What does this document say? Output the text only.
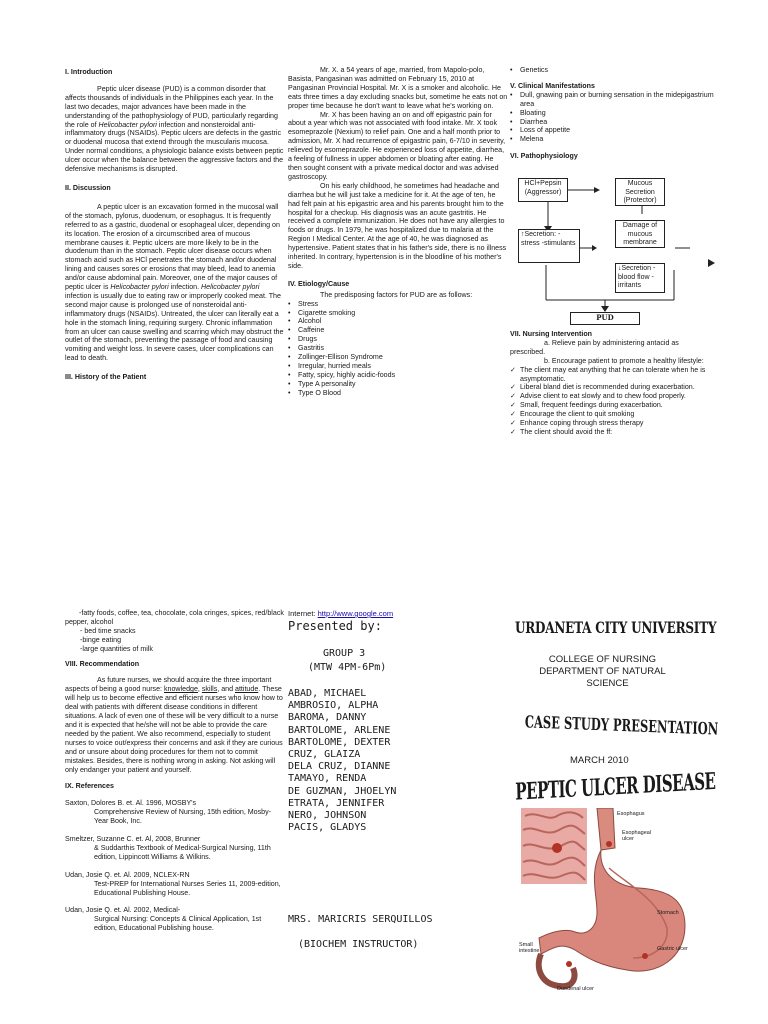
I. Introduction

Peptic ulcer disease (PUD) is a common disorder that affects thousands of individuals in the Philippines each year. In the last two decades, major advances have been made in the understanding of the pathophysiology of PUD, particularly regarding the role of Helicobacter pylori infection and nonsteroidal anti-inflammatory drugs (NSAIDs). Peptic ulcers are defects in the gastric or duodenal mucosa that extend through the muscularis mucosa. Under normal conditions, a physiologic balance exists between peptic ulcer occur when the balance between the aggressive factors and the defensive mechanisms is disrupted.

II. Discussion

A peptic ulcer is an excavation formed in the mucosal wall of the stomach, pylorus, duodenum, or esophagus. It is frequently referred to as a gastric, duodenal or esophageal ulcer, depending on its location. The erosion of a circumscribed area of mucous membrane causes it. Peptic ulcers are more likely to be in the duodenum than in the stomach. Peptic ulcer disease occurs when stomach acid such as HCl penetrates the stomach and/or duodenal lining and causes sores or erosions that may bleed, lead to anemia and/or cause abdominal pain. Moreover, one of the major causes of peptic ulcer is Helicobacter pylori infection. Helicobacter pylori infection is usually due to eating raw or improperly cooked meat. The second major cause is prolonged use of nonsteroidal anti-inflammatory drugs (NSAIDs). Untreated, the ulcer can literally eat a hole in the stomach lining, requiring surgery. Chronic inflammation from an ulcer can cause swelling and scarring which may obstruct the outlet of the stomach, preventing the passage of food and causing vomiting and weight loss. In severe cases, ulcer complications can lead to death.

III. History of the Patient

Mr. X. a 54 years of age, married, from Mapolo-polo, Basista, Pangasinan was admitted on February 15, 2010 at Pangasinan Provincial Hospital. Mr. X is a smoker and alcoholic. He eats three times a day excluding snacks but, sometime he eats not on proper time because he don't want to leave what he's working on.

Mr. X has been having an on and off epigastric pain for about a year which was not associated with food intake. Mr. X took esomeprazole (Nexium) to relief pain. One and a half month prior to admission, Mr. X had recurrence of epigastric pain, 6-7/10 in severity, relieved by esomeprazole. He experienced loss of appetite, diarrhea, a feeling of fullness in upper abdomen or bloating after eating. He then sought consent with a private medical doctor and was advised gastroscopy.

On his early childhood, he sometimes had headache and diarrhea but he will just take a medicine for it. At the age of ten, he had felt pain at his epigastric area and his parents brought him to the hospital for a checkup. His diagnosis was an acute gastritis. He received a complete immunization. He does not have any allergies to foods or drugs. In 1979, he was hospitalized due to malaria at the Region I Medical Center. At the age of 40, he was diagnosed as hypertensive. Patient states that in his father's side, there is no illness inherited. In contrary, hypertension is in the bloodline of his mother's side.

IV. Etiology/Cause

The predisposing factors for PUD are as follows:

• Stress
• Cigarette smoking
• Alcohol
• Caffeine
• Drugs
• Gastritis
• Zollinger-Ellison Syndrome
• Irregular, hurried meals
• Fatty, spicy, highly acidic-foods
• Type A personality
• Type O Blood
• Genetics
V. Clinical Manifestations
• Dull, gnawing pain or burning sensation in the midepigastrium area
• Bloating
• Diarrhea
• Loss of appetite
• Melena
VI. Pathophysiology
HCl+Pepsin (Aggressor)
Mucous Secretion (Protector)
↑Secretion: -stress -stimulants
Damage of mucous membrane
↓Secretion -blood flow -irritants
PUD
VII. Nursing Intervention

a. Relieve pain by administering antacid as prescribed.

b. Encourage patient to promote a healthy lifestyle:

✓ The client may eat anything that he can tolerate when he is asymptomatic.
✓ Liberal bland diet is recommended during exacerbation.
✓ Advise client to eat slowly and to chew food properly.
✓ Small, frequent feedings during exacerbation.
✓ Encourage the client to quit smoking
✓ Enhance coping through stress therapy
✓ The client should avoid the ff:

-fatty foods, coffee, tea, chocolate, cola cringes, spices, red/black pepper, alcohol

- bed time snacks
-binge eating
-large quantities of milk
VIII. Recommendation

As future nurses, we should acquire the three important aspects of being a good nurse: knowledge, skills, and attitude. These will help us to become effective and efficient nurses who know how to deal with patients with different disease conditions in different situations. A lack of even one of these will be very difficult to a nurse and it is expected that he/she will not be able to provide the care needed by the patient. We also recommend, especially to student nurses to voice out/express their concerns and ask if they are curious and or unsure about doing procedures for them not to commit mistakes. Besides, there is nothing wrong in asking. Not asking will only endanger your patient and yourself.

IX. References
Saxton, Dolores B. et. Al. 1996, MOSBY's
Comprehensive Review of Nursing, 15th edition, Mosby-Year Book, Inc.
Smeltzer, Suzanne C. et. Al, 2008, Brunner
& Suddarthis Textbook of Medical-Surgical Nursing, 11th edition, Lippincott Williams & Wilkins.
Udan, Josie Q. et. Al. 2009, NCLEX-RN
Test-PREP for International Nurses Series 11, 2009-edition, Educational Publishing House.
Udan, Josie Q. et. Al. 2002, Medical-
Surgical Nursing: Concepts & Clinical Application, 1st edition, Educational Publishing house.
Internet: http://www.google.com
Presented by:
GROUP 3
(MTW 4PM-6Pm)
ABAD, MICHAEL
AMBROSIO, ALPHA
BAROMA, DANNY
BARTOLOME, ARLENE
BARTOLOME, DEXTER
CRUZ, GLAIZA
DELA CRUZ, DIANNE
TAMAYO, RENDA
DE GUZMAN, JHOELYN
ETRATA, JENNIFER
NERO, JOHNSON
PACIS, GLADYS
MRS. MARICRIS SERQUILLOS
(BIOCHEM INSTRUCTOR)
URDANETA CITY UNIVERSITY
COLLEGE OF NURSING
DEPARTMENT OF NATURAL
SCIENCE
CASE STUDY PRESENTATION
MARCH 2010
PEPTIC ULCER DISEASE
Esophagus
Esophageal ulcer
Stomach
Gastric ulcer
Small intestine
Duodenal ulcer
